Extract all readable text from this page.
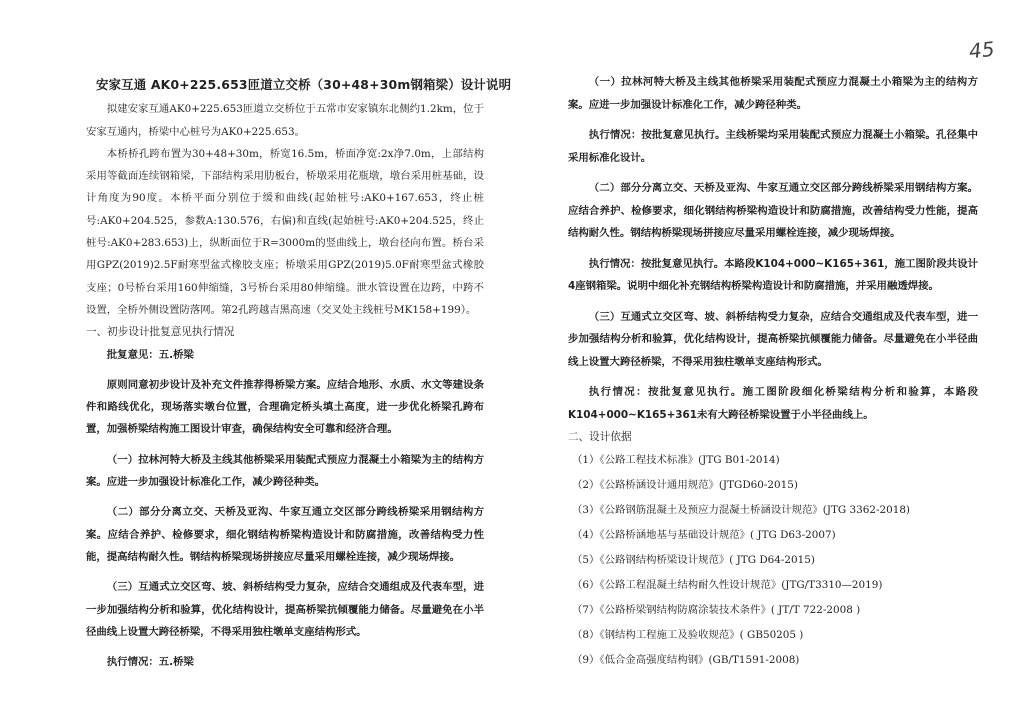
45
安家互通 AK0+225.653匝道立交桥（30+48+30m钢箱梁）设计说明

拟建安家互通AK0+225.653匝道立交桥位于五常市安家镇东北侧约1.2km，位于安家互通内，桥梁中心桩号为AK0+225.653。

本桥桥孔跨布置为30+48+30m，桥宽16.5m，桥面净宽:2x净7.0m，上部结构采用等截面连续钢箱梁，下部结构采用肋板台，桥墩采用花瓶墩，墩台采用桩基础，设计角度为90度。本桥平面分别位于缓和曲线(起始桩号:AK0+167.653，终止桩号:AK0+204.525，参数A:130.576，右偏)和直线(起始桩号:AK0+204.525，终止桩号:AK0+283.653)上，纵断面位于R=3000m的竖曲线上，墩台径向布置。桥台采用GPZ(2019)2.5F耐寒型盆式橡胶支座；桥墩采用GPZ(2019)5.0F耐寒型盆式橡胶支座；0号桥台采用160伸缩缝，3号桥台采用80伸缩缝。泄水管设置在边跨，中跨不设置，全桥外侧设置防落网。第2孔跨越吉黑高速（交叉处主线桩号MK158+199）。

一、初步设计批复意见执行情况

批复意见：五.桥梁

原则同意初步设计及补充文件推荐得桥梁方案。应结合地形、水质、水文等建设条件和路线优化，现场落实墩台位置，合理确定桥头填土高度，进一步优化桥梁孔跨布置，加强桥梁结构施工图设计审查，确保结构安全可靠和经济合理。

（一）拉林河特大桥及主线其他桥梁采用装配式预应力混凝土小箱梁为主的结构方案。应进一步加强设计标准化工作，减少跨径种类。

（二）部分分离立交、天桥及亚沟、牛家互通立交区部分跨线桥梁采用钢结构方案。应结合养护、检修要求，细化钢结构桥梁构造设计和防腐措施，改善结构受力性能，提高结构耐久性。钢结构桥梁现场拼接应尽量采用螺栓连接，减少现场焊接。

（三）互通式立交区弯、坡、斜桥结构受力复杂，应结合交通组成及代表车型，进一步加强结构分析和验算，优化结构设计，提高桥梁抗倾覆能力储备。尽量避免在小半径曲线上设置大跨径桥梁，不得采用独柱墩单支座结构形式。

执行情况：五.桥梁

（一）拉林河特大桥及主线其他桥梁采用装配式预应力混凝土小箱梁为主的结构方案。应进一步加强设计标准化工作，减少跨径种类。

执行情况：按批复意见执行。主线桥梁均采用装配式预应力混凝土小箱梁。孔径集中采用标准化设计。

（二）部分分离立交、天桥及亚沟、牛家互通立交区部分跨线桥梁采用钢结构方案。应结合养护、检修要求，细化钢结构桥梁构造设计和防腐措施，改善结构受力性能，提高结构耐久性。钢结构桥梁现场拼接应尽量采用螺栓连接，减少现场焊接。

执行情况：按批复意见执行。本路段K104+000~K165+361，施工图阶段共设计4座钢箱梁。说明中细化补充钢结构桥梁构造设计和防腐措施，并采用融透焊接。

（三）互通式立交区弯、坡、斜桥结构受力复杂，应结合交通组成及代表车型，进一步加强结构分析和验算，优化结构设计，提高桥梁抗倾覆能力储备。尽量避免在小半径曲线上设置大跨径桥梁，不得采用独柱墩单支座结构形式。

执行情况：按批复意见执行。施工图阶段细化桥梁结构分析和验算，本路段K104+000~K165+361未有大跨径桥梁设置于小半径曲线上。

二、设计依据

（1）《公路工程技术标准》(JTG B01-2014)

（2）《公路桥涵设计通用规范》(JTGD60-2015)

（3）《公路钢筋混凝土及预应力混凝土桥涵设计规范》(JTG 3362-2018)

（4）《公路桥涵地基与基础设计规范》( JTG D63-2007)

（5）《公路钢结构桥梁设计规范》( JTG D64-2015)

（6）《公路工程混凝土结构耐久性设计规范》(JTG/T3310—2019)

（7）《公路桥梁钢结构防腐涂装技术条件》( JT/T 722-2008 )

（8）《钢结构工程施工及验收规范》( GB50205 )

（9）《低合金高强度结构钢》(GB/T1591-2008)
